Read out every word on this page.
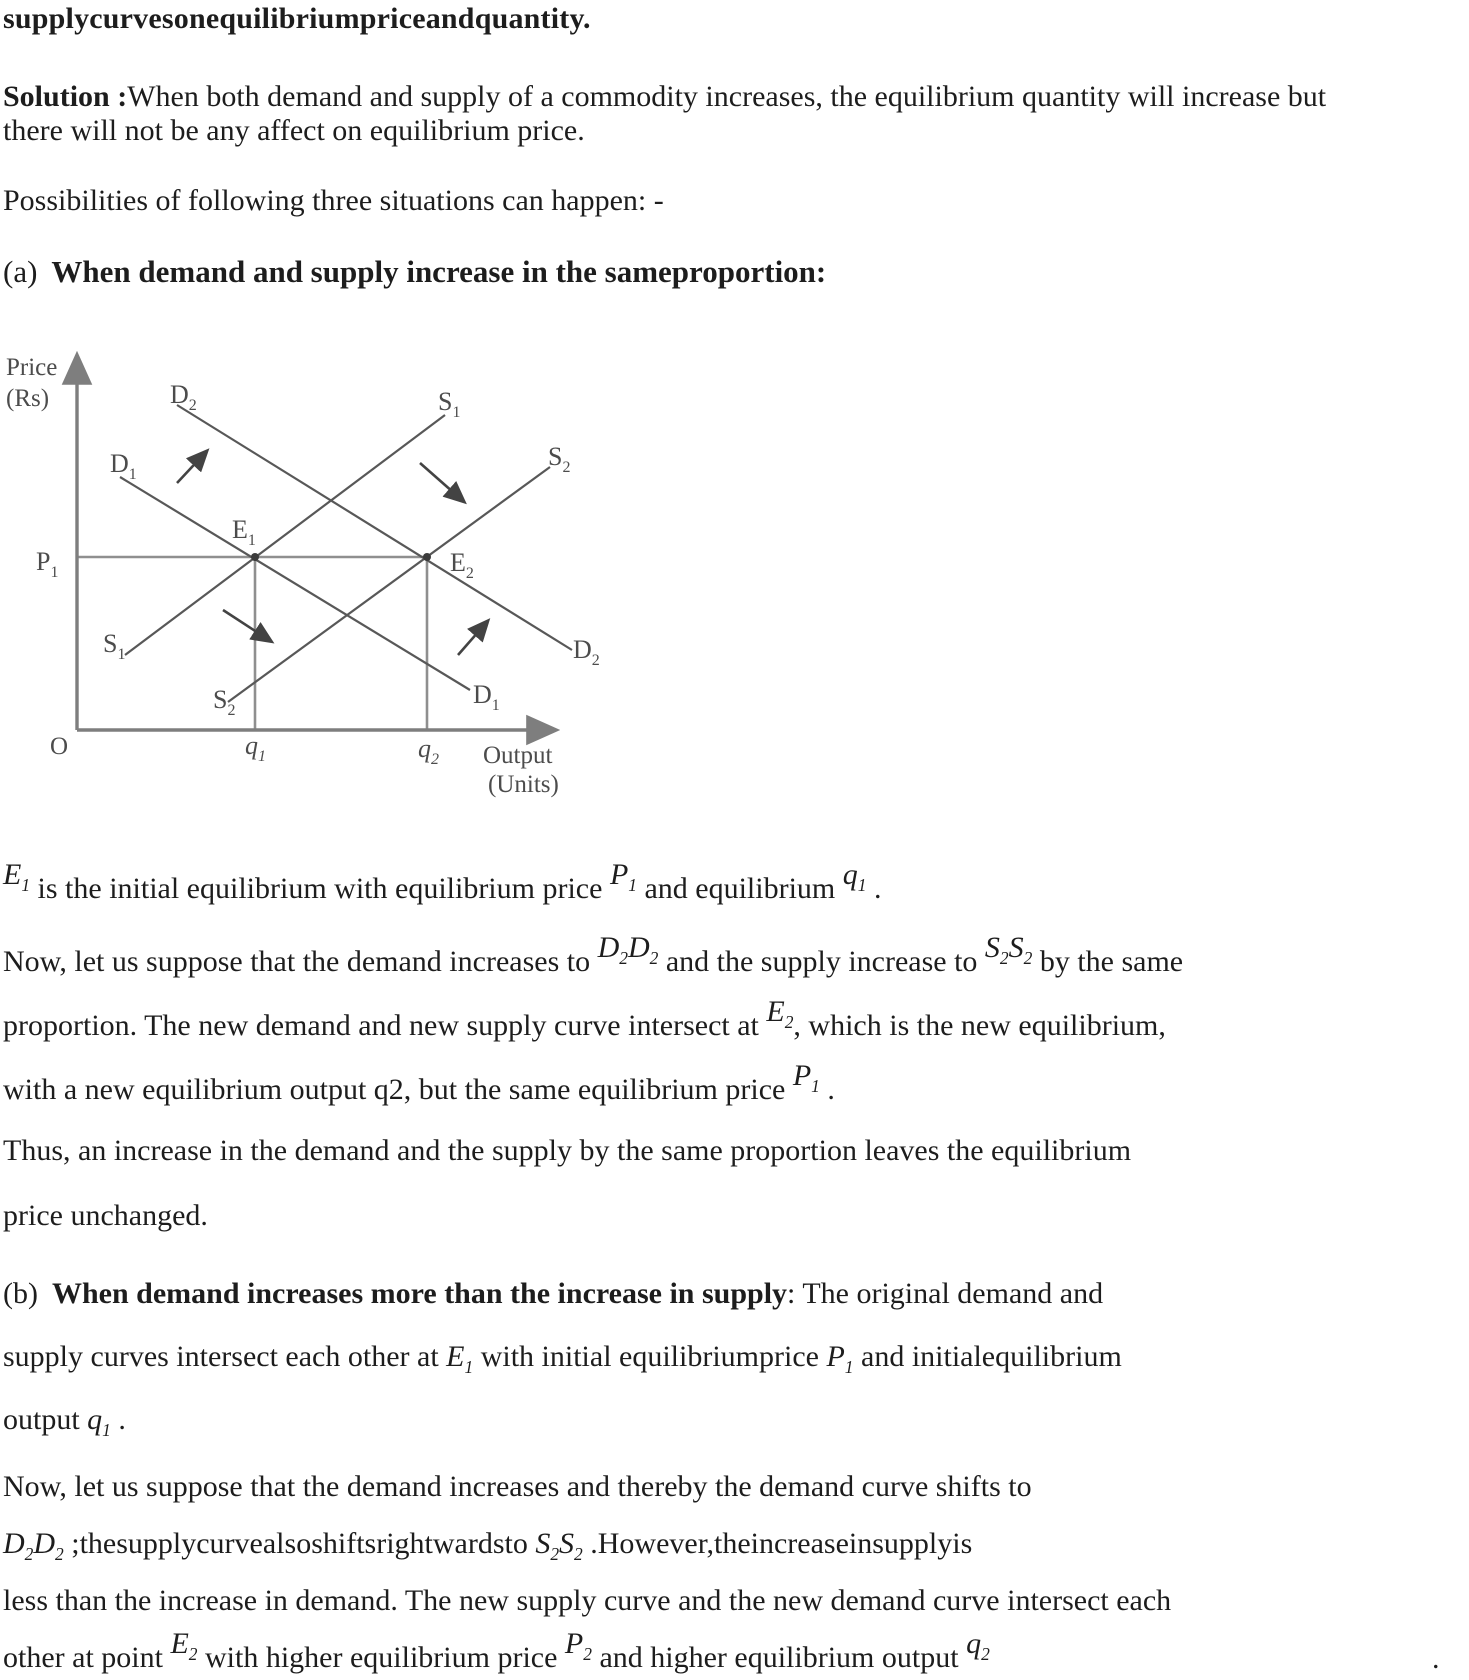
supplycurvesonequilibriumpriceandquantity.
Solution :When both demand and supply of a commodity increases, the equilibrium quantity will increase but
there will not be any affect on equilibrium price.
Possibilities of following three situations can happen: -
(a) When demand and supply increase in the sameproportion:
Price
(Rs)
O	Output
(Units)
$D_2$
$D_1$
$S_1$
$S_2$
$S_1$
$S_2$
$D_1$
$D_2$
$E_1$
$E_2$
$P_1$
$q_1$	$q_2$
$E_1$ is the initial equilibrium with equilibrium price $P_1$ and equilibrium $q_1$ .
Now, let us suppose that the demand increases to $D_2D_2$ and the supply increase to $S_2S_2$ by the same
proportion. The new demand and new supply curve intersect at $E_2$, which is the new equilibrium,
with a new equilibrium output q2, but the same equilibrium price $P_1$ .
Thus, an increase in the demand and the supply by the same proportion leaves the equilibrium
price unchanged.
(b) When demand increases more than the increase in supply: The original demand and
supply curves intersect each other at $E_1$ with initial equilibriumprice $P_1$ and initialequilibrium
output $q_1$ .
Now, let us suppose that the demand increases and thereby the demand curve shifts to
$D_2D_2$ ;thesupplycurvealsoshiftsrightwardsto $S_2S_2$ .However,theincreaseinsupplyis
less than the increase in demand. The new supply curve and the new demand curve intersect each
other at point $E_2$ with higher equilibrium price $P_2$ and higher equilibrium output $q_2$	.
